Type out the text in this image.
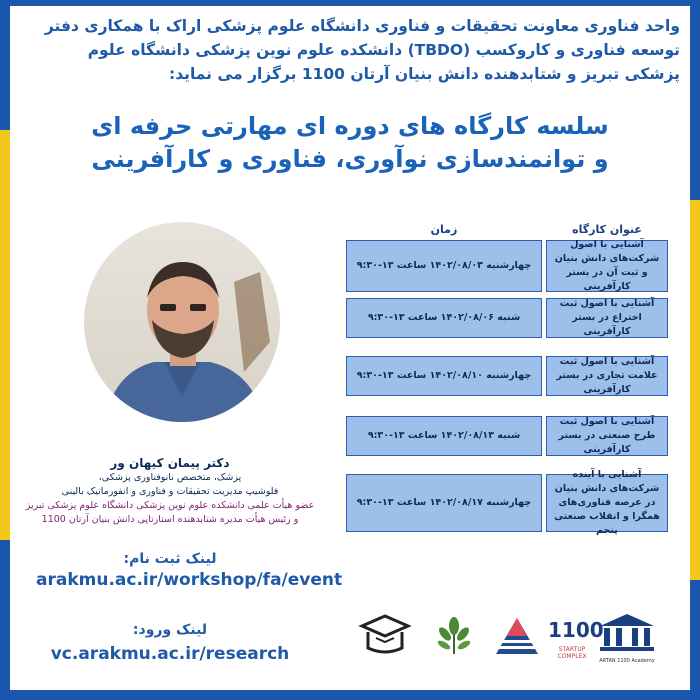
واحد فناوری معاونت تحقیقات و فناوری دانشگاه علوم پزشکی اراک با همکاری دفتر
توسعه فناوری و کاروکسب (TBDO) دانشکده علوم نوین پزشکی دانشگاه علوم
پزشکی تبریز و شتابدهنده دانش بنیان آرتان 1100 برگزار می نماید:
سلسه کارگاه های دوره ای مهارتی حرفه ای
و توانمندسازی نوآوری، فناوری و کارآفرینی
عنوان کارگاه
زمان
آشنایی با اصول شرکت‌های دانش بنیان و ثبت آن در بستر کارآفرینی
چهارشنبه ۱۴۰۲/۰۸/۰۳ ساعت ۱۳-۹:۳۰
آشنایی با اصول ثبت اختراع در بستر کارآفرینی
شنبه ۱۴۰۲/۰۸/۰۶ ساعت ۱۳-۹:۳۰
آشنایی با اصول ثبت علامت تجاری در بستر کارآفرینی
چهارشنبه ۱۴۰۲/۰۸/۱۰ ساعت ۱۳-۹:۳۰
آشنایی با اصول ثبت طرح صنعتی در بستر کارآفرینی
شنبه ۱۴۰۲/۰۸/۱۳ ساعت ۱۳-۹:۳۰
آشنایی با آینده شرکت‌های دانش بنیان در عرصه فناوری‌های همگرا و انقلاب صنعتی پنجم
چهارشنبه ۱۴۰۲/۰۸/۱۷ ساعت ۱۳-۹:۳۰
دکتر پیمان کیهان ور
پزشک، متخصص نانوفناوری پزشکی،
فلوشیپ مدیریت تحقیقات و فناوری و انفورماتیک بالینی
عضو هیأت علمی دانشکده علوم نوین پزشکی دانشگاه علوم پزشکی تبریز
و رئیس هیأت مدیره شتابدهنده استارتاپی دانش بنیان آرتان 1100
لینک ثبت نام:
arakmu.ac.ir/workshop/fa/event
لینک ورود:
vc.arakmu.ac.ir/research
1100
STARTUP COMPLEX
ARTAN 1100 Academy
